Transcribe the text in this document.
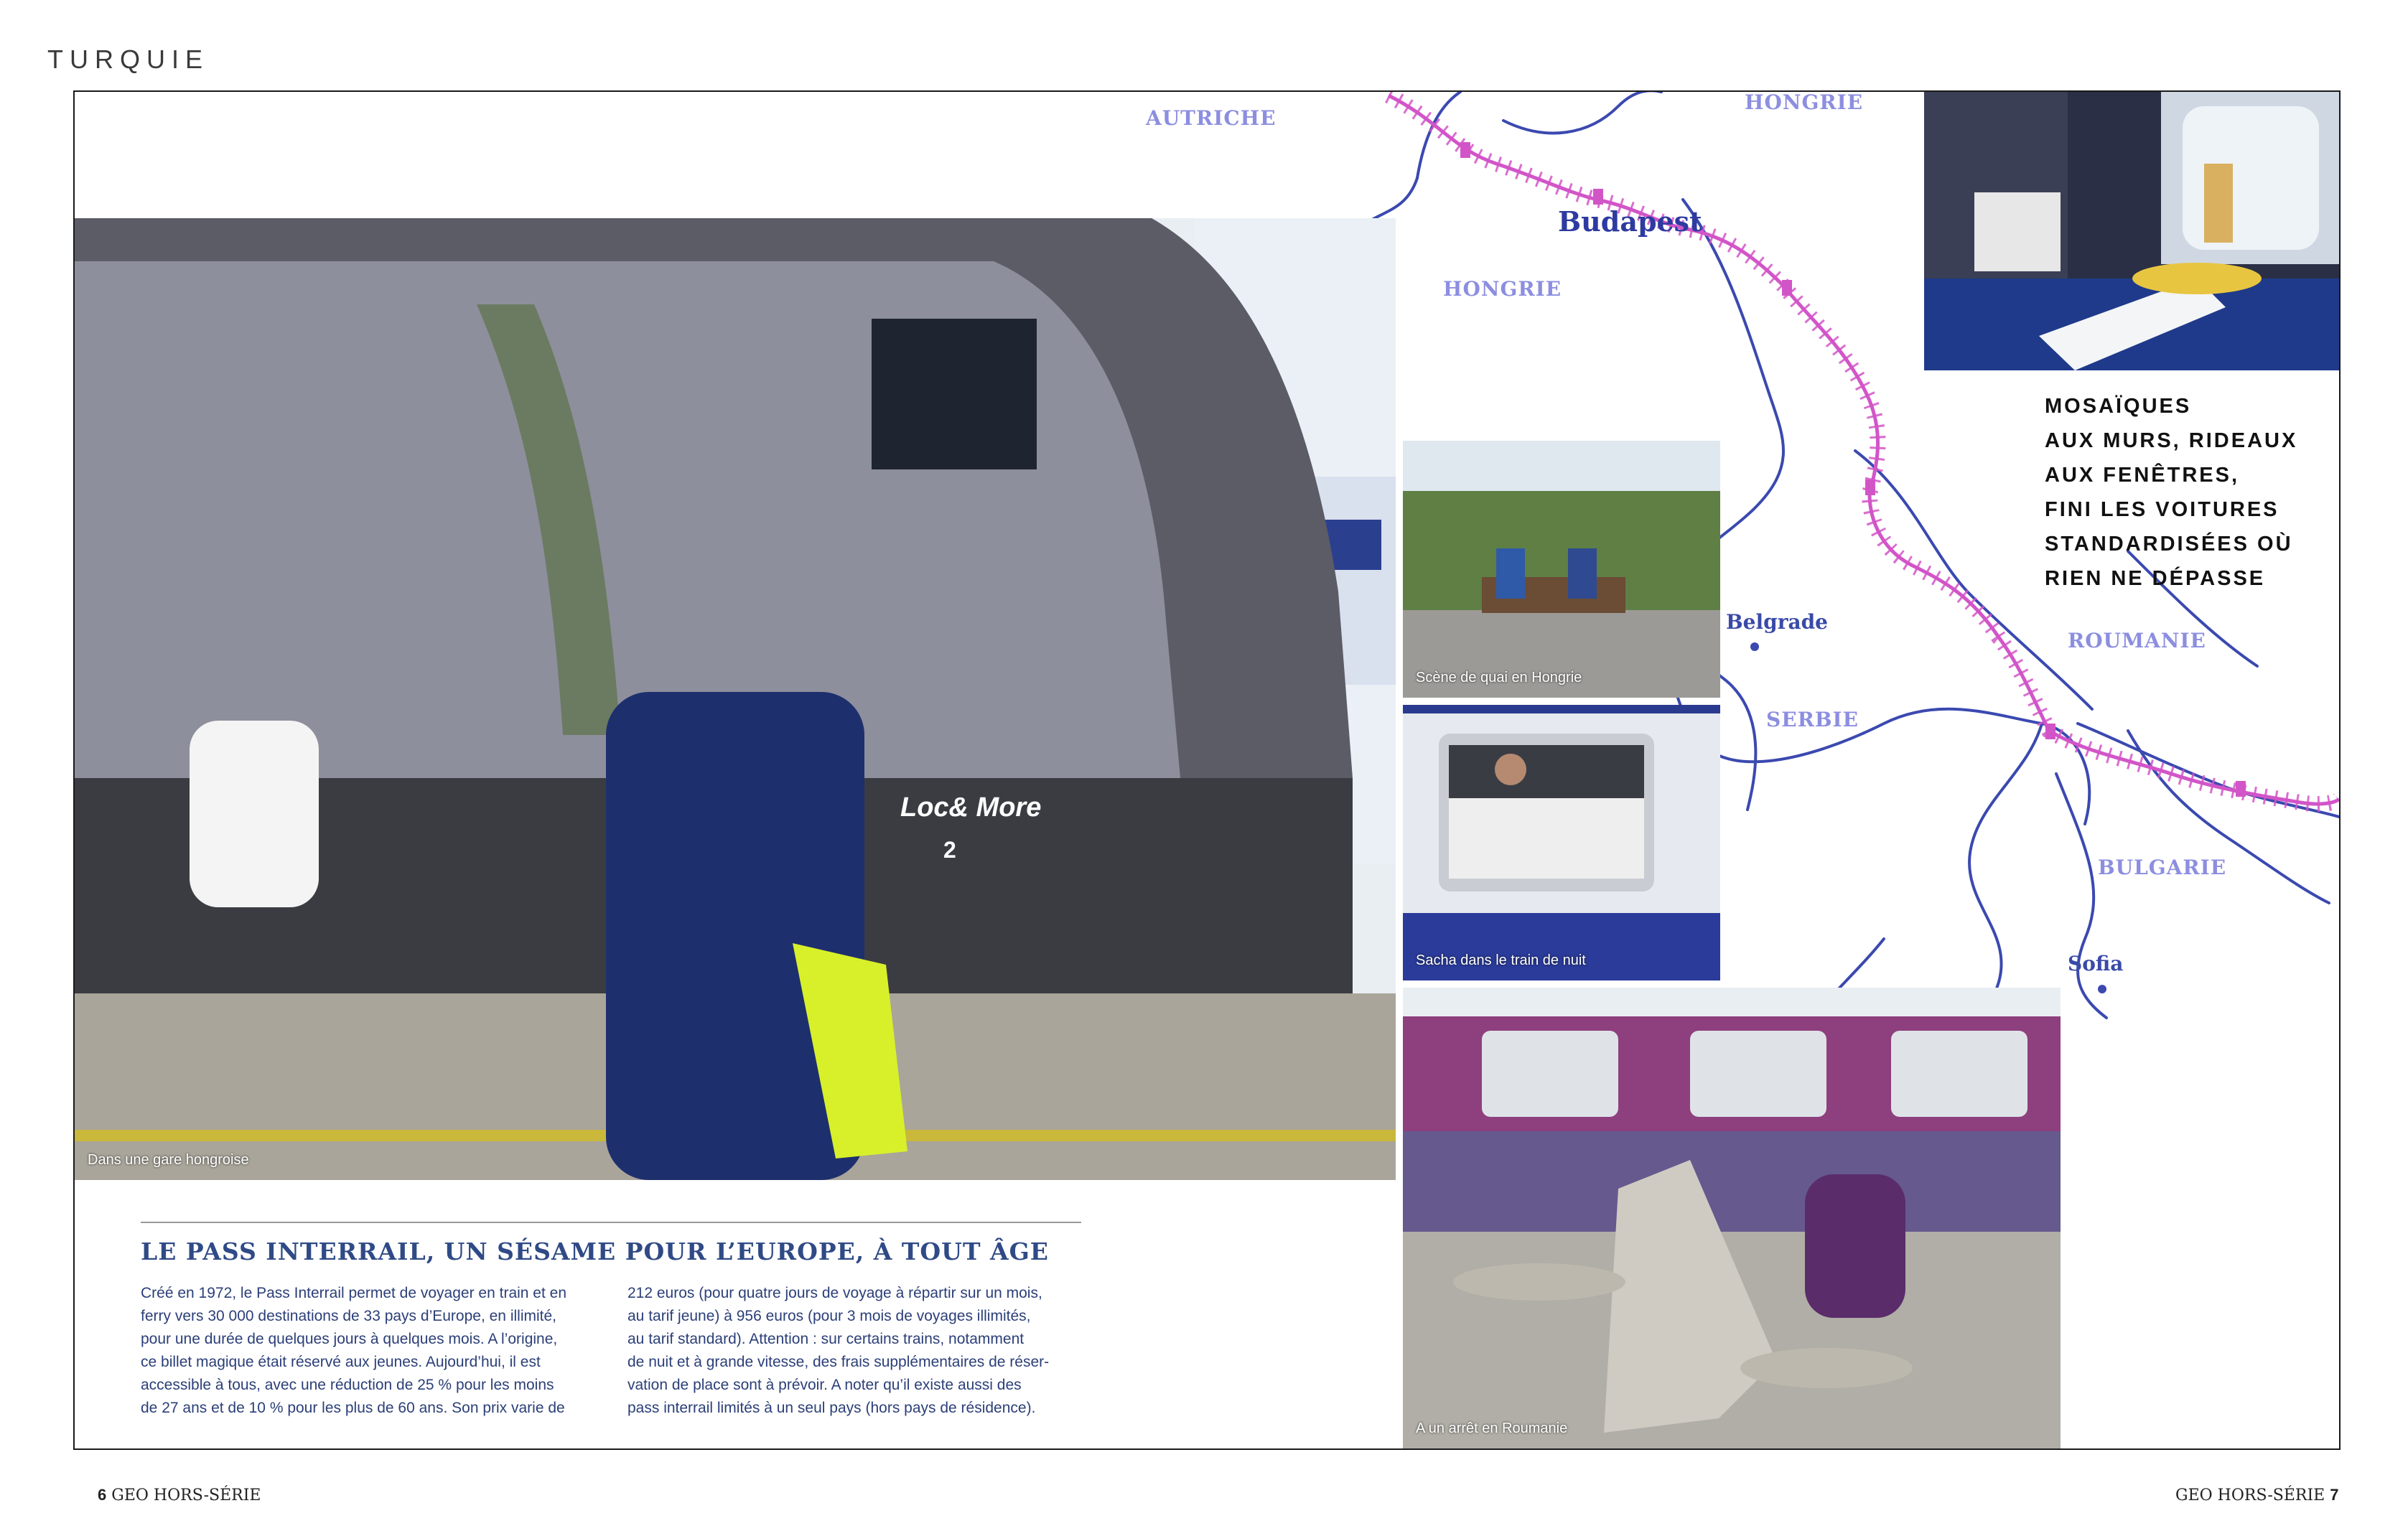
TURQUIE
AUTRICHE
HONGRIE
HONGRIE
SERBIE
ROUMANIE
BULGARIE
Budapest
Belgrade
Sofia
Loc& More
2
Dans une gare hongroise
Scène de quai en Hongrie
Sacha dans le train de nuit
A un arrêt en Roumanie
MOSAÏQUES
AUX MURS, RIDEAUX
AUX FENÊTRES,
FINI LES VOITURES
STANDARDISÉES OÙ
RIEN NE DÉPASSE
LE PASS INTERRAIL, UN SÉSAME POUR L’EUROPE, À TOUT ÂGE
Créé en 1972, le Pass Interrail permet de voyager en train et en
ferry vers 30 000 destinations de 33 pays d’Europe, en illimité,
pour une durée de quelques jours à quelques mois. A l’origine,
ce billet magique était réservé aux jeunes. Aujourd’hui, il est
accessible à tous, avec une réduction de 25 % pour les moins
de 27 ans et de 10 % pour les plus de 60 ans. Son prix varie de
212 euros (pour quatre jours de voyage à répartir sur un mois,
au tarif jeune) à 956 euros (pour 3 mois de voyages illimités,
au tarif standard). Attention : sur certains trains, notamment
de nuit et à grande vitesse, des frais supplémentaires de réser-
vation de place sont à prévoir. A noter qu’il existe aussi des
pass interrail limités à un seul pays (hors pays de résidence).
6 GEO HORS-SÉRIE	GEO HORS-SÉRIE 7
